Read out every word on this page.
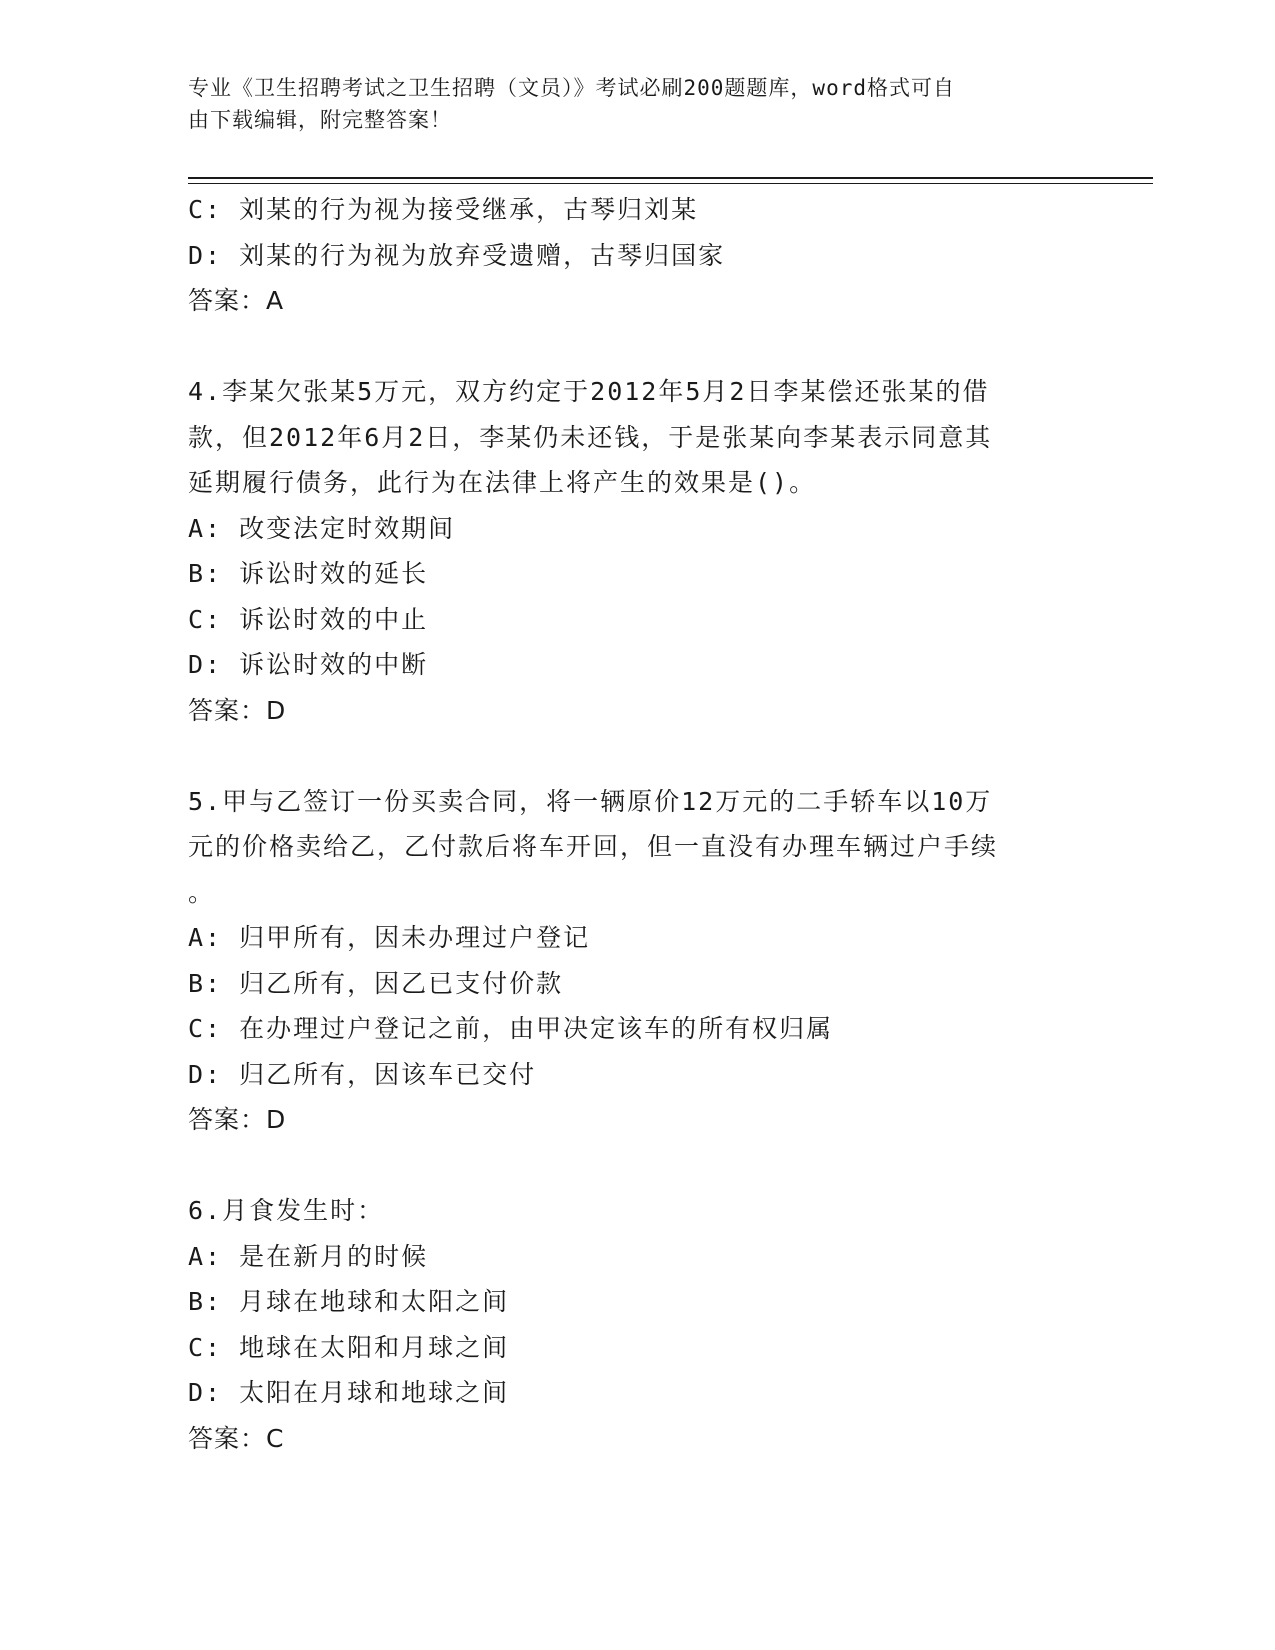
专业《卫生招聘考试之卫生招聘（文员）》考试必刷200题题库，word格式可自
由下载编辑，附完整答案！
C: 刘某的行为视为接受继承，古琴归刘某
D: 刘某的行为视为放弃受遗赠，古琴归国家
答案：A
4.李某欠张某5万元，双方约定于2012年5月2日李某偿还张某的借
款，但2012年6月2日，李某仍未还钱，于是张某向李某表示同意其
延期履行债务，此行为在法律上将产生的效果是()。
A: 改变法定时效期间
B: 诉讼时效的延长
C: 诉讼时效的中止
D: 诉讼时效的中断
答案：D
5.甲与乙签订一份买卖合同，将一辆原价12万元的二手轿车以10万
元的价格卖给乙，乙付款后将车开回，但一直没有办理车辆过户手续
。
A: 归甲所有，因未办理过户登记
B: 归乙所有，因乙已支付价款
C: 在办理过户登记之前，由甲决定该车的所有权归属
D: 归乙所有，因该车已交付
答案：D
6.月食发生时：
A: 是在新月的时候
B: 月球在地球和太阳之间
C: 地球在太阳和月球之间
D: 太阳在月球和地球之间
答案：C
